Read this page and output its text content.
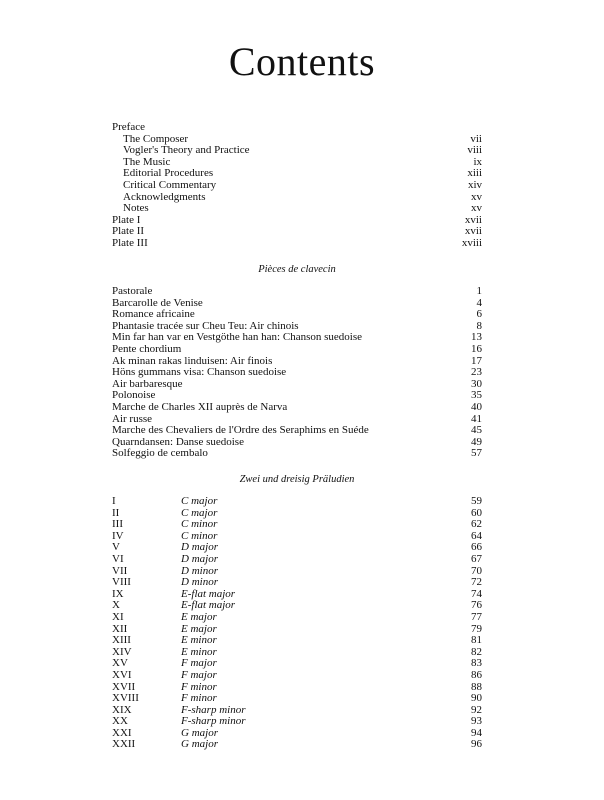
Contents
Preface
The Composer	vii
Vogler's Theory and Practice	viii
The Music	ix
Editorial Procedures	xiii
Critical Commentary	xiv
Acknowledgments	xv
Notes	xv
Plate I	xvii
Plate II	xvii
Plate III	xviii
Pièces de clavecin
Pastorale	1
Barcarolle de Venise	4
Romance africaine	6
Phantasie tracée sur Cheu Teu: Air chinois	8
Min far han var en Vestgöthe han han: Chanson suedoise	13
Pente chordium	16
Ak minan rakas linduisen: Air finois	17
Höns gummans visa: Chanson suedoise	23
Air barbaresque	30
Polonoise	35
Marche de Charles XII auprès de Narva	40
Air russe	41
Marche des Chevaliers de l'Ordre des Seraphims en Suéde	45
Quarndansen: Danse suedoise	49
Solfeggio de cembalo	57
Zwei und dreisig Präludien
I	C major	59
II	C major	60
III	C minor	62
IV	C minor	64
V	D major	66
VI	D major	67
VII	D minor	70
VIII	D minor	72
IX	E-flat major	74
X	E-flat major	76
XI	E major	77
XII	E major	79
XIII	E minor	81
XIV	E minor	82
XV	F major	83
XVI	F major	86
XVII	F minor	88
XVIII	F minor	90
XIX	F-sharp minor	92
XX	F-sharp minor	93
XXI	G major	94
XXII	G major	96
